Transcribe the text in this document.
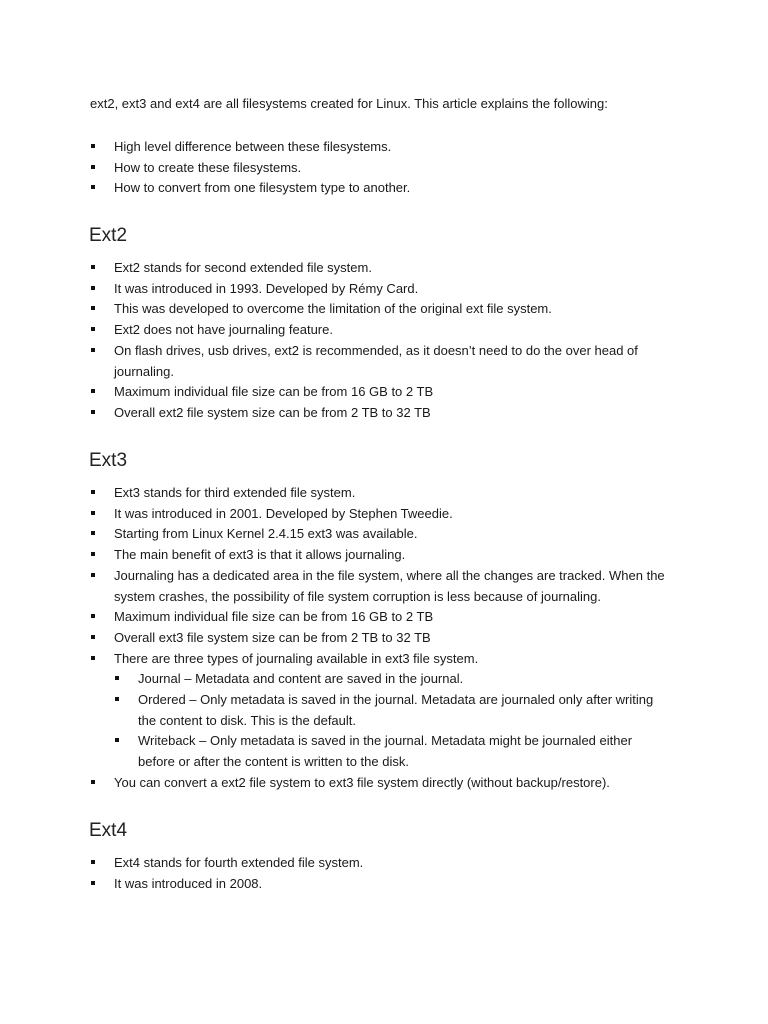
ext2, ext3 and ext4 are all filesystems created for Linux. This article explains the following:
High level difference between these filesystems.
How to create these filesystems.
How to convert from one filesystem type to another.
Ext2
Ext2 stands for second extended file system.
It was introduced in 1993. Developed by Rémy Card.
This was developed to overcome the limitation of the original ext file system.
Ext2 does not have journaling feature.
On flash drives, usb drives, ext2 is recommended, as it doesn’t need to do the over head of journaling.
Maximum individual file size can be from 16 GB to 2 TB
Overall ext2 file system size can be from 2 TB to 32 TB
Ext3
Ext3 stands for third extended file system.
It was introduced in 2001. Developed by Stephen Tweedie.
Starting from Linux Kernel 2.4.15 ext3 was available.
The main benefit of ext3 is that it allows journaling.
Journaling has a dedicated area in the file system, where all the changes are tracked. When the system crashes, the possibility of file system corruption is less because of journaling.
Maximum individual file size can be from 16 GB to 2 TB
Overall ext3 file system size can be from 2 TB to 32 TB
There are three types of journaling available in ext3 file system.
Journal – Metadata and content are saved in the journal.
Ordered – Only metadata is saved in the journal. Metadata are journaled only after writing the content to disk. This is the default.
Writeback – Only metadata is saved in the journal. Metadata might be journaled either before or after the content is written to the disk.
You can convert a ext2 file system to ext3 file system directly (without backup/restore).
Ext4
Ext4 stands for fourth extended file system.
It was introduced in 2008.
